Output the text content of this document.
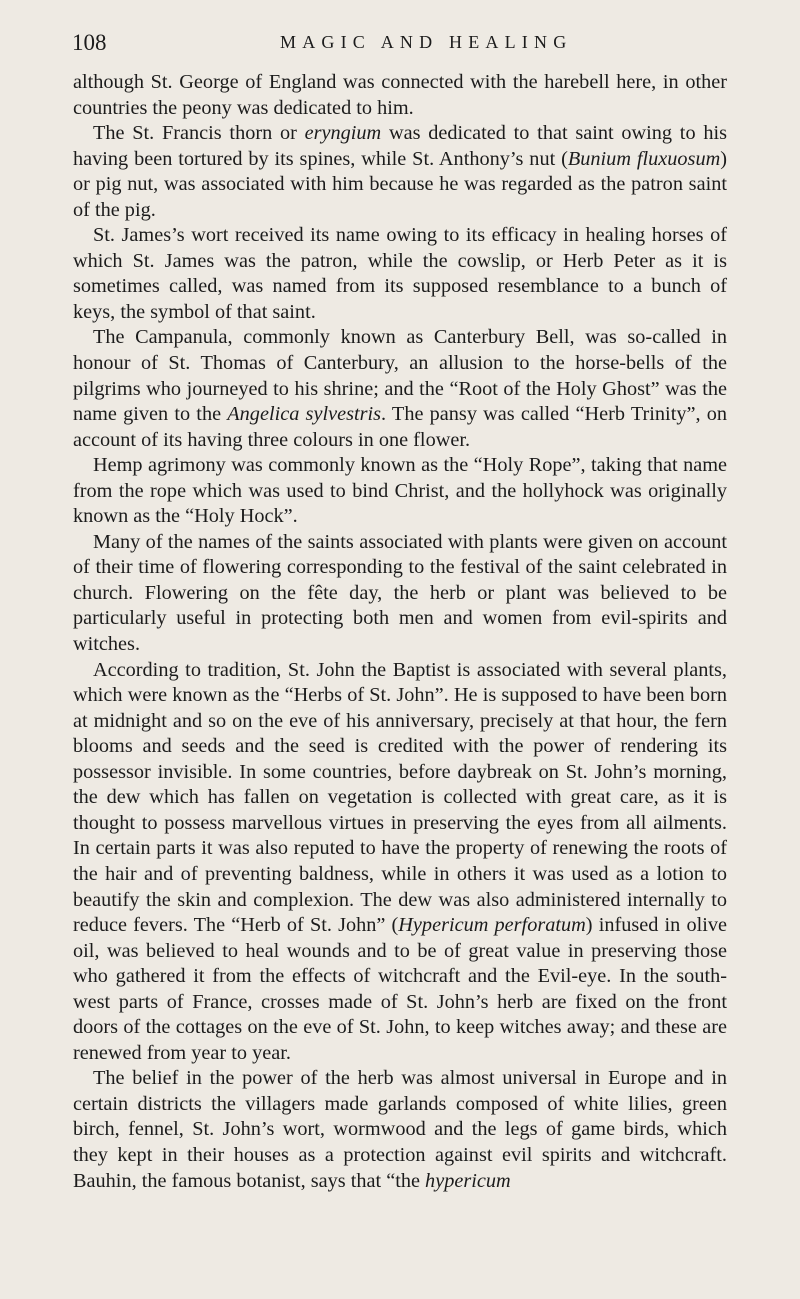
108	MAGIC AND HEALING

although St. George of England was connected with the harebell here, in other countries the peony was dedicated to him.

The St. Francis thorn or eryngium was dedicated to that saint owing to his having been tortured by its spines, while St. Anthony’s nut (Bunium fluxuosum) or pig nut, was associated with him because he was regarded as the patron saint of the pig.

St. James’s wort received its name owing to its efficacy in healing horses of which St. James was the patron, while the cowslip, or Herb Peter as it is sometimes called, was named from its supposed resemblance to a bunch of keys, the symbol of that saint.

The Campanula, commonly known as Canterbury Bell, was so-called in honour of St. Thomas of Canterbury, an allusion to the horse-bells of the pilgrims who journeyed to his shrine; and the “Root of the Holy Ghost” was the name given to the Angelica sylvestris. The pansy was called “Herb Trinity”, on account of its having three colours in one flower.

Hemp agrimony was commonly known as the “Holy Rope”, taking that name from the rope which was used to bind Christ, and the hollyhock was originally known as the “Holy Hock”.

Many of the names of the saints associated with plants were given on account of their time of flowering corresponding to the festival of the saint celebrated in church. Flowering on the fête day, the herb or plant was believed to be particularly useful in protecting both men and women from evil-spirits and witches.

According to tradition, St. John the Baptist is associated with several plants, which were known as the “Herbs of St. John”. He is supposed to have been born at midnight and so on the eve of his anniversary, precisely at that hour, the fern blooms and seeds and the seed is credited with the power of rendering its possessor invisible. In some countries, before daybreak on St. John’s morning, the dew which has fallen on vegetation is collected with great care, as it is thought to possess marvellous virtues in preserving the eyes from all ailments. In certain parts it was also reputed to have the property of renewing the roots of the hair and of preventing baldness, while in others it was used as a lotion to beautify the skin and complexion. The dew was also administered internally to reduce fevers. The “Herb of St. John” (Hypericum perforatum) infused in olive oil, was believed to heal wounds and to be of great value in preserving those who gathered it from the effects of witchcraft and the Evil-eye. In the south-west parts of France, crosses made of St. John’s herb are fixed on the front doors of the cottages on the eve of St. John, to keep witches away; and these are renewed from year to year.

The belief in the power of the herb was almost universal in Europe and in certain districts the villagers made garlands composed of white lilies, green birch, fennel, St. John’s wort, wormwood and the legs of game birds, which they kept in their houses as a protection against evil spirits and witchcraft. Bauhin, the famous botanist, says that “the hypericum
